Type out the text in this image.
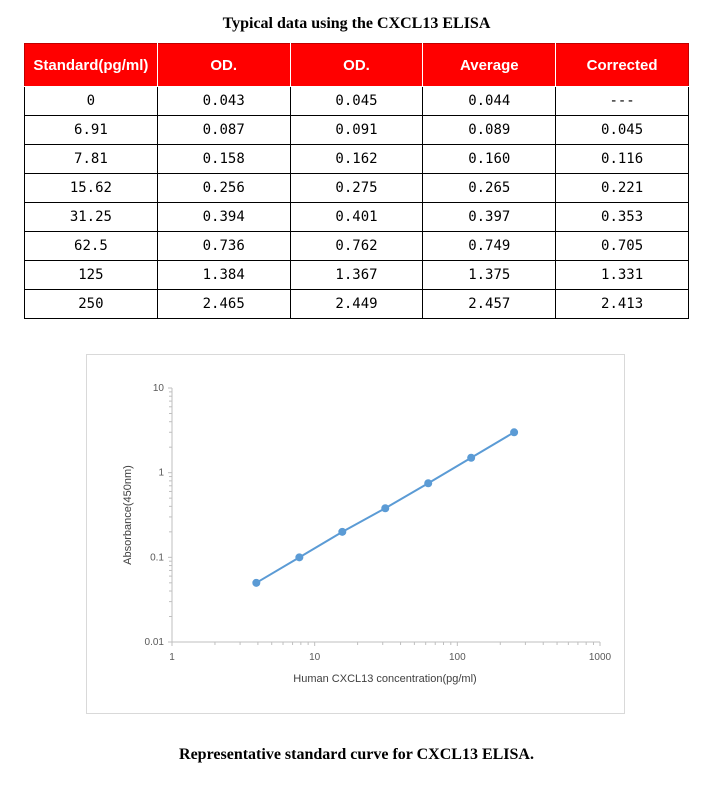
Typical data using the CXCL13 ELISA
Standard(pg/ml)	OD.	OD.	Average	Corrected
0	0.043	0.045	0.044	---
6.91	0.087	0.091	0.089	0.045
7.81	0.158	0.162	0.160	0.116
15.62	0.256	0.275	0.265	0.221
31.25	0.394	0.401	0.397	0.353
62.5	0.736	0.762	0.749	0.705
125	1.384	1.367	1.375	1.331
250	2.465	2.449	2.457	2.413
1	10	100	1000
10
1
0.1
0.01
Human CXCL13 concentration(pg/ml)
Absorbance(450nm)
Representative standard curve for CXCL13 ELISA.
